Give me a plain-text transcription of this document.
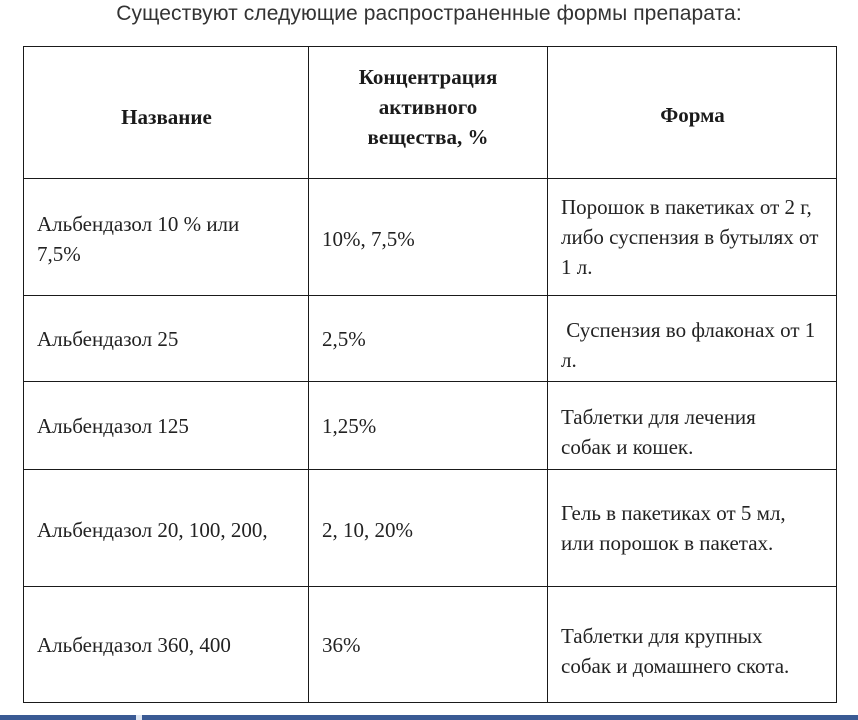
Существуют следующие распространенные формы препарата:
Название	Концентрация активного вещества, %	Форма
Альбендазол 10 % или 7,5%	10%, 7,5%	Порошок в пакетиках от 2 г, либо суспензия в бутылях от 1 л.
Альбендазол 25	2,5%	Суспензия во флаконах от 1 л.
Альбендазол 125	1,25%	Таблетки для лечения собак и кошек.
Альбендазол 20, 100, 200,	2, 10, 20%	Гель в пакетиках от 5 мл, или порошок в пакетах.
Альбендазол 360, 400	36%	Таблетки для крупных собак и домашнего скота.
